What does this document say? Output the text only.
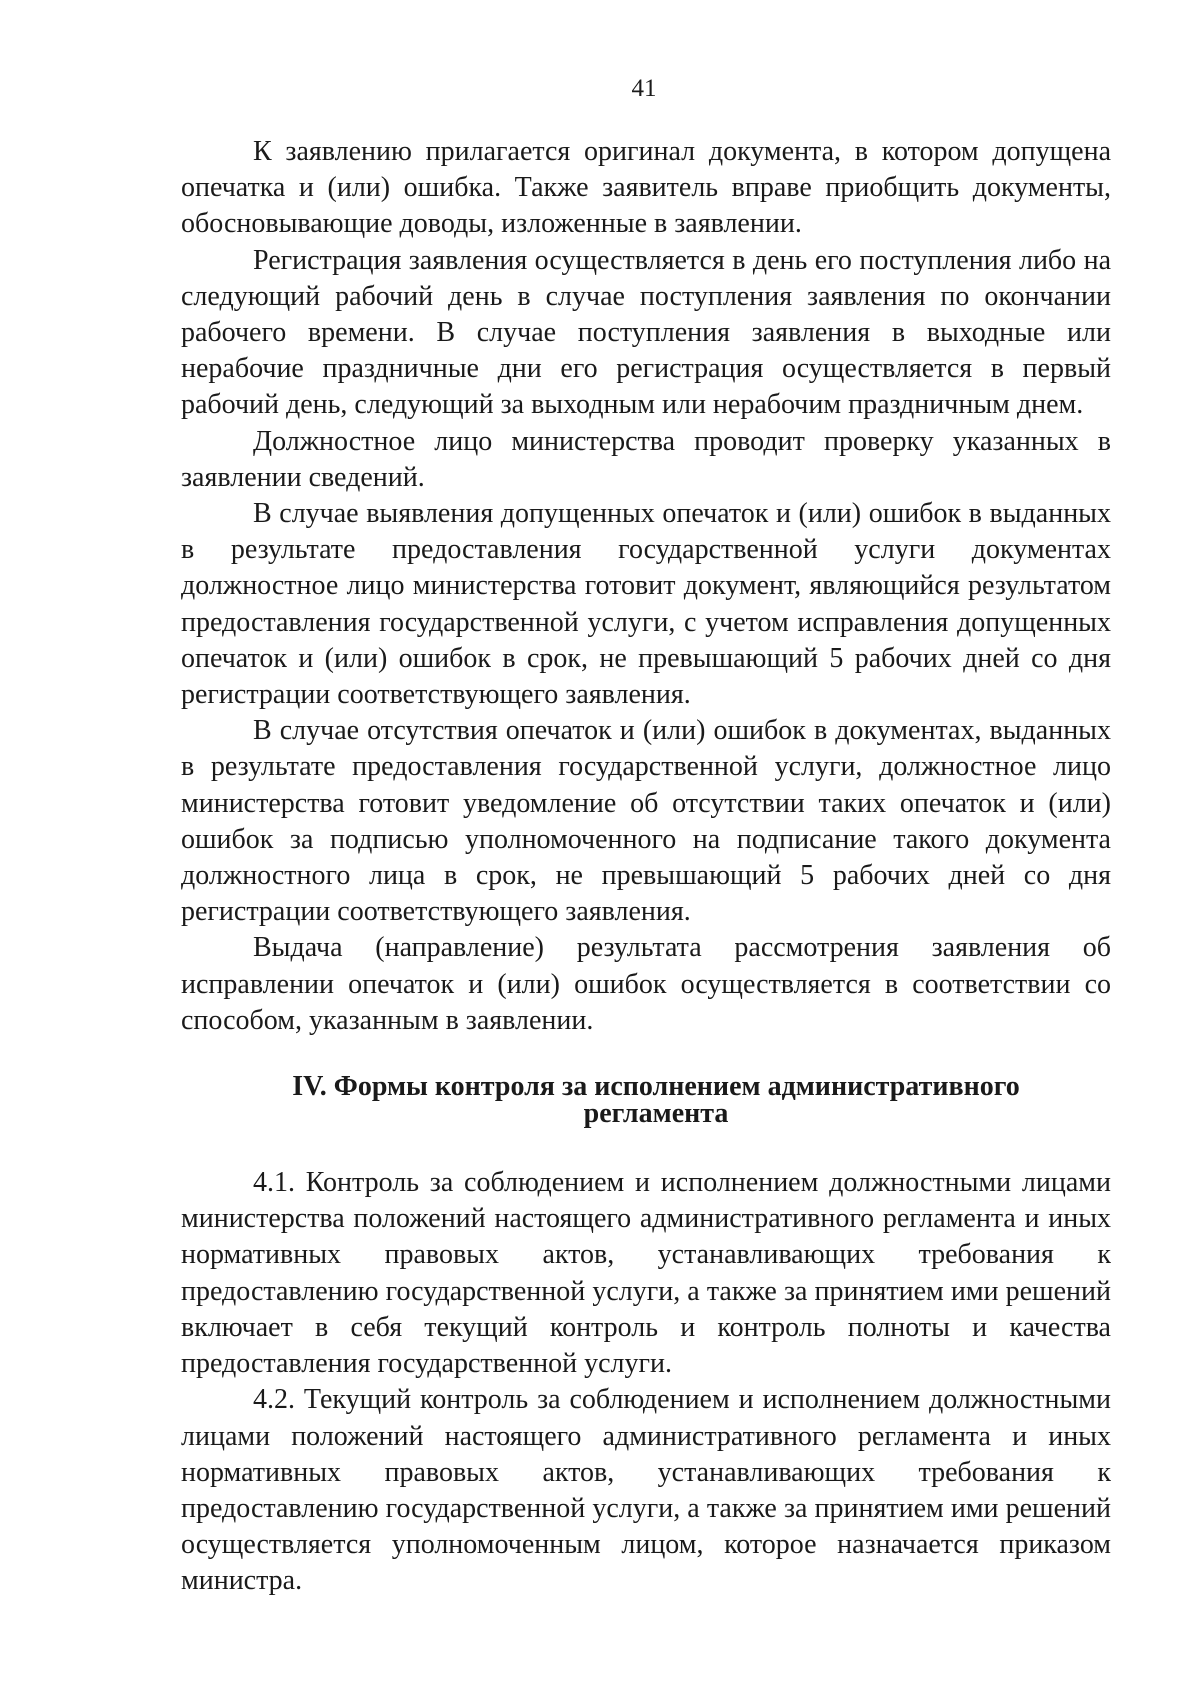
41

К заявлению прилагается оригинал документа, в котором допущена опечатка и (или) ошибка. Также заявитель вправе приобщить документы, обосновывающие доводы, изложенные в заявлении.

Регистрация заявления осуществляется в день его поступления либо на следующий рабочий день в случае поступления заявления по окончании рабочего времени. В случае поступления заявления в выходные или нерабочие праздничные дни его регистрация осуществляется в первый рабочий день, следующий за выходным или нерабочим праздничным днем.

Должностное лицо министерства проводит проверку указанных в заявлении сведений.

В случае выявления допущенных опечаток и (или) ошибок в выданных в результате предоставления государственной услуги документах должностное лицо министерства готовит документ, являющийся результатом предоставления государственной услуги, с учетом исправления допущенных опечаток и (или) ошибок в срок, не превышающий 5 рабочих дней со дня регистрации соответствующего заявления.

В случае отсутствия опечаток и (или) ошибок в документах, выданных в результате предоставления государственной услуги, должностное лицо министерства готовит уведомление об отсутствии таких опечаток и (или) ошибок за подписью уполномоченного на подписание такого документа должностного лица в срок, не превышающий 5 рабочих дней со дня регистрации соответствующего заявления.

Выдача (направление) результата рассмотрения заявления об исправлении опечаток и (или) ошибок осуществляется в соответствии со способом, указанным в заявлении.

IV. Формы контроля за исполнением административного
регламента

4.1. Контроль за соблюдением и исполнением должностными лицами министерства положений настоящего административного регламента и иных нормативных правовых актов, устанавливающих требования к предоставлению государственной услуги, а также за принятием ими решений включает в себя текущий контроль и контроль полноты и качества предоставления государственной услуги.

4.2. Текущий контроль за соблюдением и исполнением должностными лицами положений настоящего административного регламента и иных нормативных правовых актов, устанавливающих требования к предоставлению государственной услуги, а также за принятием ими решений осуществляется уполномоченным лицом, которое назначается приказом министра.
